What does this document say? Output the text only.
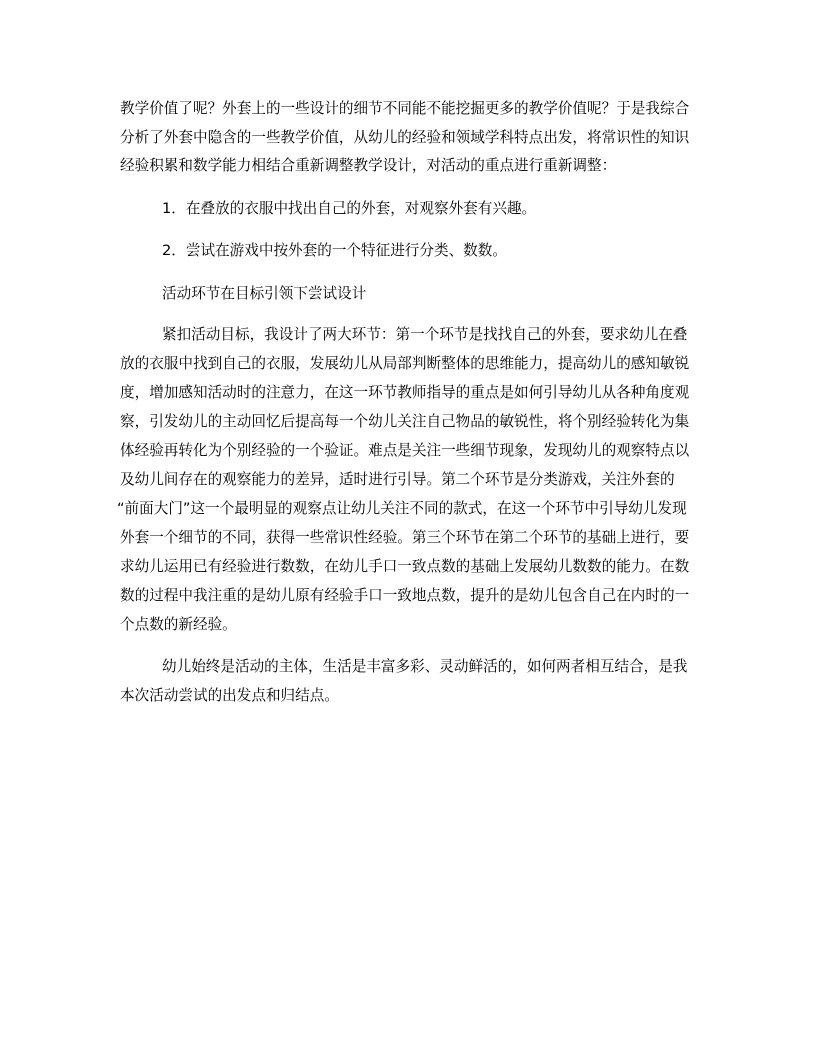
教学价值了呢？外套上的一些设计的细节不同能不能挖掘更多的教学价值呢？于是我综合
分析了外套中隐含的一些教学价值，从幼儿的经验和领域学科特点出发，将常识性的知识
经验积累和数学能力相结合重新调整教学设计，对活动的重点进行重新调整：
1．在叠放的衣服中找出自己的外套，对观察外套有兴趣。
2．尝试在游戏中按外套的一个特征进行分类、数数。
活动环节在目标引领下尝试设计
紧扣活动目标，我设计了两大环节：第一个环节是找找自己的外套，要求幼儿在叠
放的衣服中找到自己的衣服，发展幼儿从局部判断整体的思维能力，提高幼儿的感知敏锐
度，增加感知活动时的注意力，在这一环节教师指导的重点是如何引导幼儿从各种角度观
察，引发幼儿的主动回忆后提高每一个幼儿关注自己物品的敏锐性，将个别经验转化为集
体经验再转化为个别经验的一个验证。难点是关注一些细节现象，发现幼儿的观察特点以
及幼儿间存在的观察能力的差异，适时进行引导。第二个环节是分类游戏，关注外套的
“前面大门”这一个最明显的观察点让幼儿关注不同的款式，在这一个环节中引导幼儿发现
外套一个细节的不同，获得一些常识性经验。第三个环节在第二个环节的基础上进行，要
求幼儿运用已有经验进行数数，在幼儿手口一致点数的基础上发展幼儿数数的能力。在数
数的过程中我注重的是幼儿原有经验手口一致地点数，提升的是幼儿包含自己在内时的一
个点数的新经验。
幼儿始终是活动的主体，生活是丰富多彩、灵动鲜活的，如何两者相互结合，是我
本次活动尝试的出发点和归结点。
